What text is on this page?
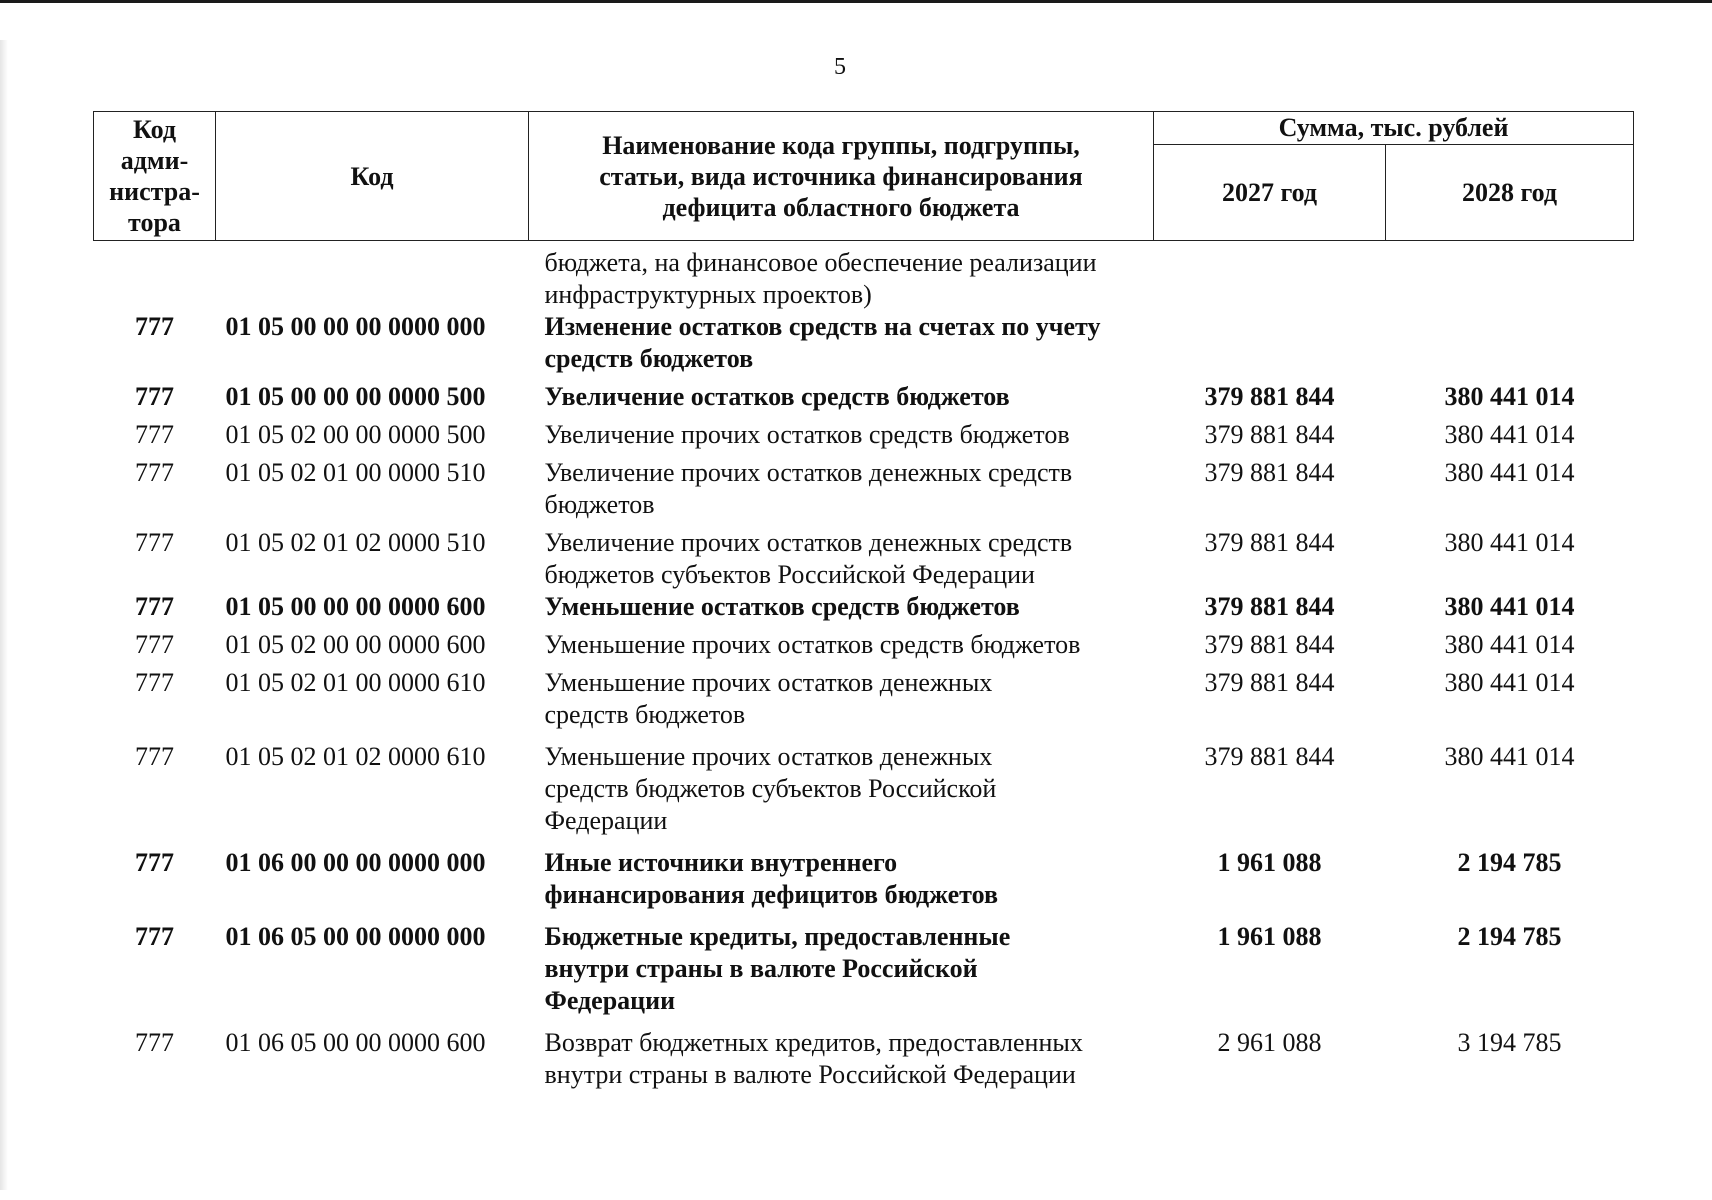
5
Код адми-нистра-тора	Код	Наименование кода группы, подгруппы, статьи, вида источника финансирования дефицита областного бюджета	Сумма, тыс. рублей	
			2027 год	2028 год

		бюджета, на финансовое обеспечение реализации инфраструктурных проектов)		
777	01 05 00 00 00 0000 000	Изменение остатков средств на счетах по учету средств бюджетов		
777	01 05 00 00 00 0000 500	Увеличение остатков средств бюджетов	379 881 844	380 441 014
777	01 05 02 00 00 0000 500	Увеличение прочих остатков средств бюджетов	379 881 844	380 441 014
777	01 05 02 01 00 0000 510	Увеличение прочих остатков денежных средств бюджетов	379 881 844	380 441 014
777	01 05 02 01 02 0000 510	Увеличение прочих остатков денежных средств бюджетов субъектов Российской Федерации	379 881 844	380 441 014
777	01 05 00 00 00 0000 600	Уменьшение остатков средств бюджетов	379 881 844	380 441 014
777	01 05 02 00 00 0000 600	Уменьшение прочих остатков средств бюджетов	379 881 844	380 441 014
777	01 05 02 01 00 0000 610	Уменьшение прочих остатков денежных средств бюджетов	379 881 844	380 441 014
777	01 05 02 01 02 0000 610	Уменьшение прочих остатков денежных средств бюджетов субъектов Российской Федерации	379 881 844	380 441 014
777	01 06 00 00 00 0000 000	Иные источники внутреннего финансирования дефицитов бюджетов	1 961 088	2 194 785
777	01 06 05 00 00 0000 000	Бюджетные кредиты, предоставленные внутри страны в валюте Российской Федерации	1 961 088	2 194 785
777	01 06 05 00 00 0000 600	Возврат бюджетных кредитов, предоставленных внутри страны в валюте Российской Федерации	2 961 088	3 194 785
